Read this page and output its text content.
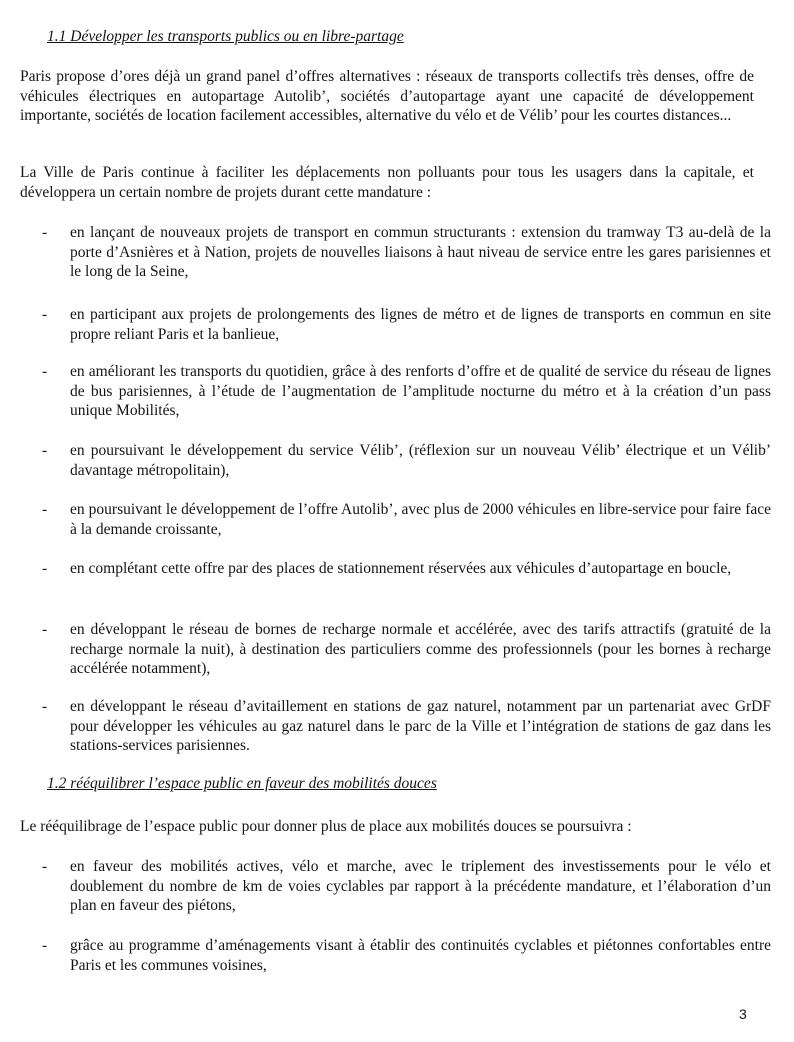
1.1 Développer les transports publics ou en libre-partage
Paris propose d’ores déjà un grand panel d’offres alternatives : réseaux de transports collectifs très denses, offre de véhicules électriques en autopartage Autolib’, sociétés d’autopartage ayant une capacité de développement importante, sociétés de location facilement accessibles, alternative du vélo et de Vélib’ pour les courtes distances...
La Ville de Paris continue à faciliter les déplacements non polluants pour tous les usagers dans la capitale, et développera un certain nombre de projets durant cette mandature :
-	en lançant de nouveaux projets de transport en commun structurants : extension du tramway T3 au-delà de la porte d’Asnières et à Nation, projets de nouvelles liaisons à haut niveau de service entre les gares parisiennes et le long de la Seine,
-	en participant aux projets de prolongements des lignes de métro et de lignes de transports en commun en site propre reliant Paris et la banlieue,
-	en améliorant les transports du quotidien, grâce à des renforts d’offre et de qualité de service du réseau de lignes de bus parisiennes, à l’étude de l’augmentation de l’amplitude nocturne du métro et à la création d’un pass unique Mobilités,
-	en poursuivant le développement du service Vélib’, (réflexion sur un nouveau Vélib’ électrique et un Vélib’ davantage métropolitain),
-	en poursuivant le développement de l’offre Autolib’, avec plus de 2000 véhicules en libre-service pour faire face à la demande croissante,
-	en complétant cette offre par des places de stationnement réservées aux véhicules d’autopartage en boucle,
-	en développant le réseau de bornes de recharge normale et accélérée, avec des tarifs attractifs (gratuité de la recharge normale la nuit), à destination des particuliers comme des professionnels (pour les bornes à recharge accélérée notamment),
-	en développant le réseau d’avitaillement en stations de gaz naturel, notamment par un partenariat avec GrDF pour développer les véhicules au gaz naturel dans le parc de la Ville et l’intégration de stations de gaz dans les stations-services parisiennes.
1.2 rééquilibrer l’espace public en faveur des mobilités douces
Le rééquilibrage de l’espace public pour donner plus de place aux mobilités douces se poursuivra :
-	en faveur des mobilités actives, vélo et marche, avec le triplement des investissements pour le vélo et doublement du nombre de km de voies cyclables par rapport à la précédente mandature, et l’élaboration d’un plan en faveur des piétons,
-	grâce au programme d’aménagements visant à établir des continuités cyclables et piétonnes confortables entre Paris et les communes voisines,
3
